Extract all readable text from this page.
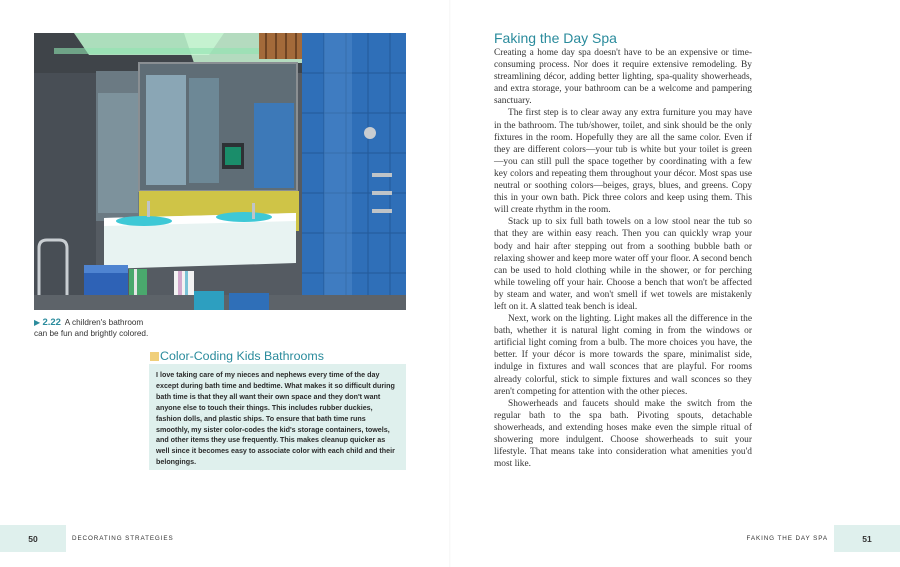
▶ 2.22 A children's bathroom can be fun and brightly colored.
Color-Coding Kids Bathrooms
I love taking care of my nieces and nephews every time of the day except during bath time and bedtime. What makes it so difficult during bath time is that they all want their own space and they don't want anyone else to touch their things. This includes rubber duckies, fashion dolls, and plastic ships. To ensure that bath time runs smoothly, my sister color-codes the kid's storage containers, towels, and other items they use frequently. This makes cleanup quicker as well since it becomes easy to associate color with each child and their belongings.
50	DECORATING STRATEGIES
Faking the Day Spa

Creating a home day spa doesn't have to be an expensive or time-consuming process. Nor does it require extensive remodeling. By streamlining décor, adding better lighting, spa-quality showerheads, and extra storage, your bathroom can be a welcome and pampering sanctuary.

The first step is to clear away any extra furniture you may have in the bathroom. The tub/shower, toilet, and sink should be the only fixtures in the room. Hopefully they are all the same color. Even if they are different colors—your tub is white but your toilet is green—you can still pull the space together by coordinating with a few key colors and repeating them throughout your décor. Most spas use neutral or soothing colors—beiges, grays, blues, and greens. Copy this in your own bath. Pick three colors and keep using them. This will create rhythm in the room.

Stack up to six full bath towels on a low stool near the tub so that they are within easy reach. Then you can quickly wrap your body and hair after stepping out from a soothing bubble bath or relaxing shower and keep more water off your floor. A second bench can be used to hold clothing while in the shower, or for perching while toweling off your hair. Choose a bench that won't be affected by steam and water, and won't smell if wet towels are mistakenly left on it. A slatted teak bench is ideal.

Next, work on the lighting. Light makes all the difference in the bath, whether it is natural light coming in from the windows or artificial light coming from a bulb. The more choices you have, the better. If your décor is more towards the spare, minimalist side, indulge in fixtures and wall sconces that are playful. For rooms already colorful, stick to simple fixtures and wall sconces so they aren't competing for attention with the other pieces.

Showerheads and faucets should make the switch from the regular bath to the spa bath. Pivoting spouts, detachable showerheads, and extending hoses make even the simple ritual of showering more indulgent. Choose showerheads to suit your lifestyle. That means take into consideration what amenities you'd most like.

FAKING THE DAY SPA	51
